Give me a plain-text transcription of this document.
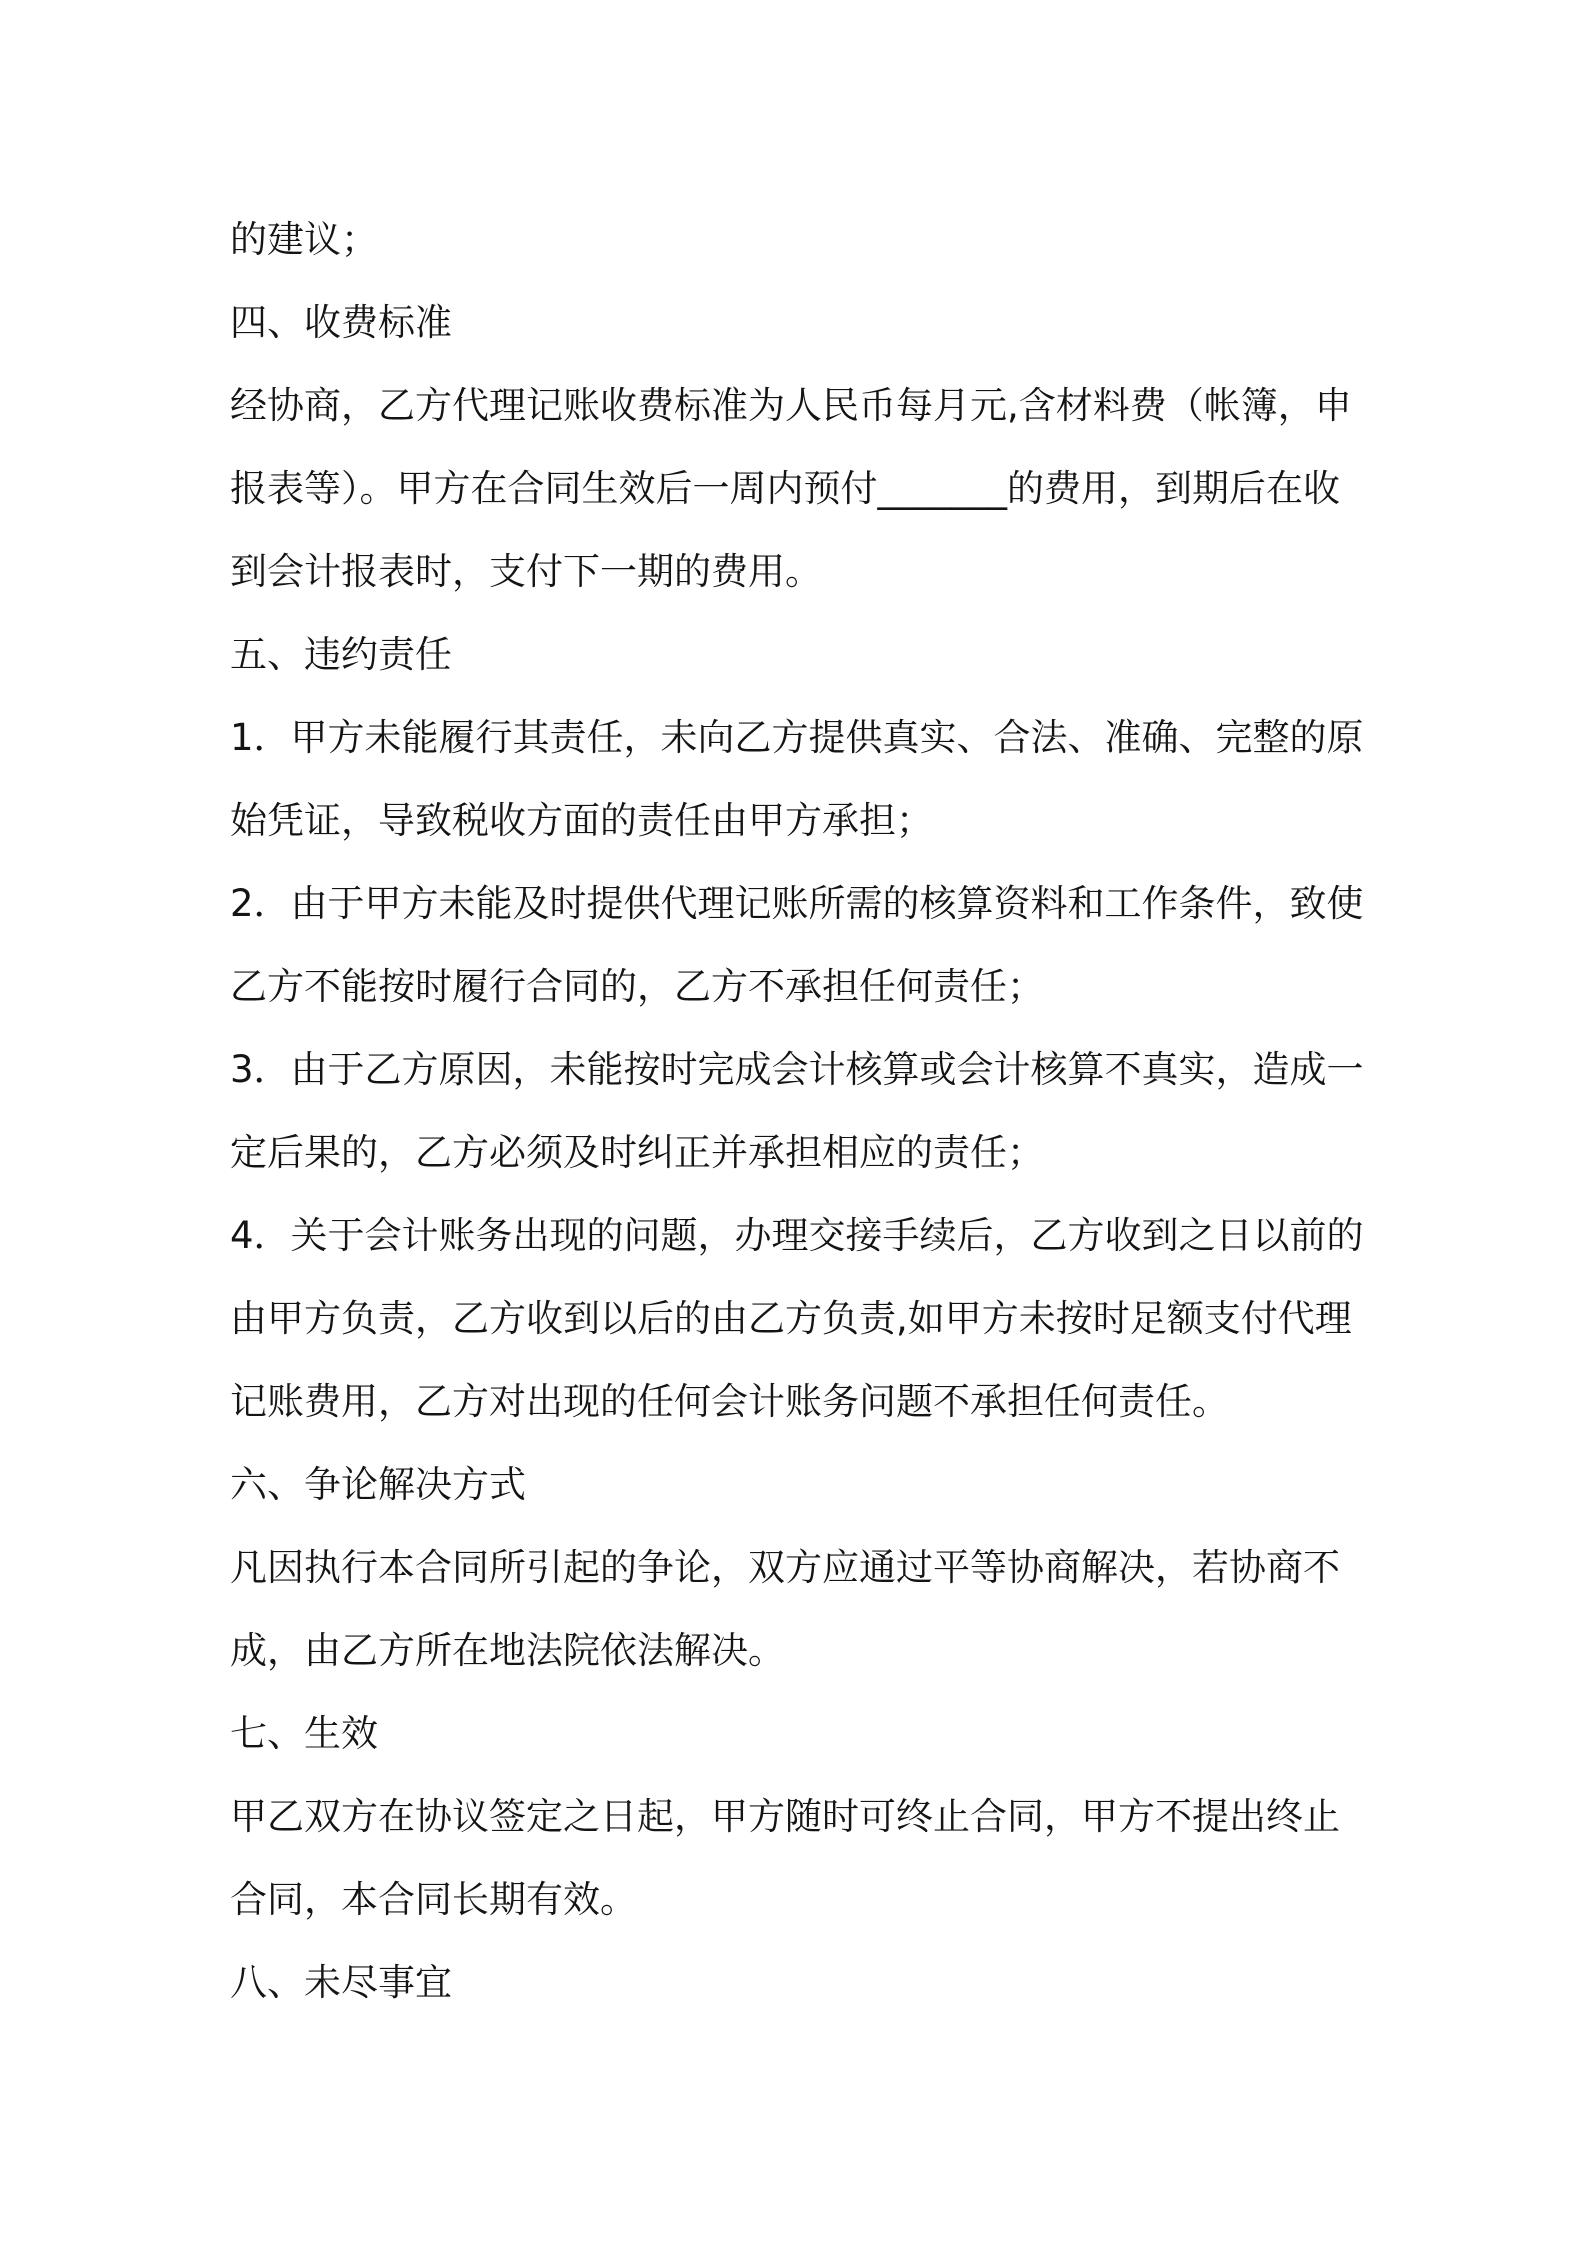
的建议；
四、收费标准
经协商，乙方代理记账收费标准为人民币每月元,含材料费（帐簿，申
报表等）。甲方在合同生效后一周内预付_______的费用，到期后在收
到会计报表时，支付下一期的费用。
五、违约责任
1．甲方未能履行其责任，未向乙方提供真实、合法、准确、完整的原
始凭证，导致税收方面的责任由甲方承担；
2．由于甲方未能及时提供代理记账所需的核算资料和工作条件，致使
乙方不能按时履行合同的，乙方不承担任何责任；
3．由于乙方原因，未能按时完成会计核算或会计核算不真实，造成一
定后果的，乙方必须及时纠正并承担相应的责任；
4．关于会计账务出现的问题，办理交接手续后，乙方收到之日以前的
由甲方负责，乙方收到以后的由乙方负责,如甲方未按时足额支付代理
记账费用，乙方对出现的任何会计账务问题不承担任何责任。
六、争论解决方式
凡因执行本合同所引起的争论，双方应通过平等协商解决，若协商不
成，由乙方所在地法院依法解决。
七、生效
甲乙双方在协议签定之日起，甲方随时可终止合同，甲方不提出终止
合同，本合同长期有效。
八、未尽事宜
